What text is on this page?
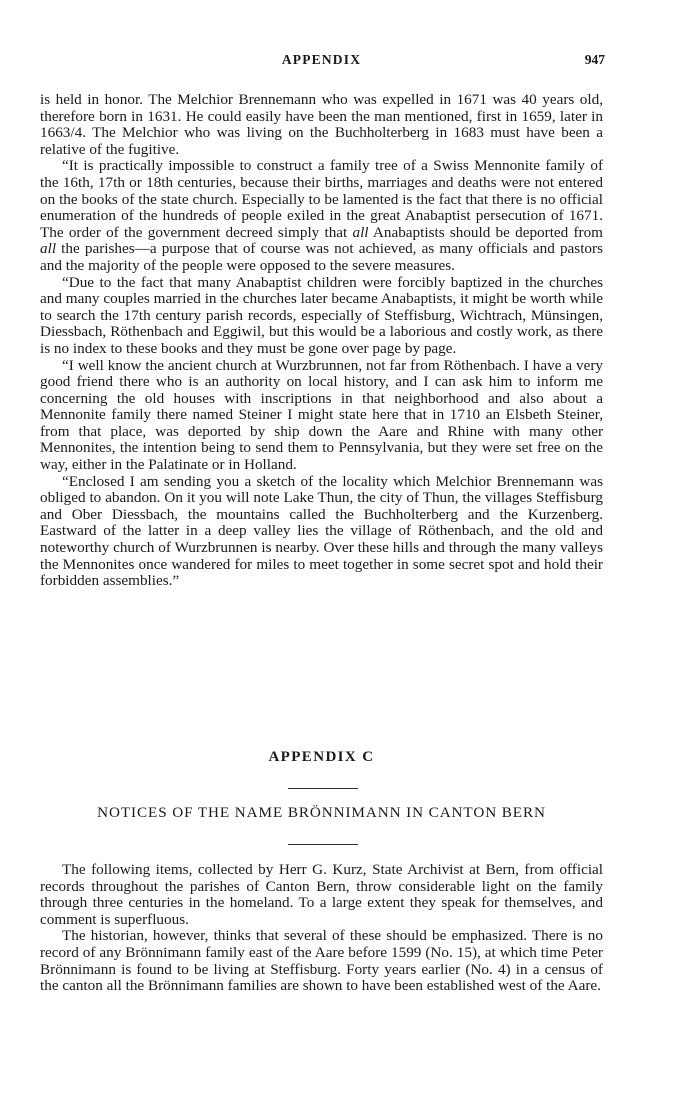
APPENDIX	947

is held in honor. The Melchior Brennemann who was expelled in 1671 was 40 years old, therefore born in 1631. He could easily have been the man mentioned, first in 1659, later in 1663/4. The Melchior who was living on the Buchholterberg in 1683 must have been a relative of the fugitive.

“It is practically impossible to construct a family tree of a Swiss Mennonite family of the 16th, 17th or 18th centuries, because their births, marriages and deaths were not entered on the books of the state church. Especially to be lamented is the fact that there is no official enumeration of the hundreds of people exiled in the great Anabaptist persecution of 1671. The order of the government decreed simply that all Anabaptists should be deported from all the parishes—a purpose that of course was not achieved, as many officials and pastors and the majority of the people were opposed to the severe measures.

“Due to the fact that many Anabaptist children were forcibly baptized in the churches and many couples married in the churches later became Anabaptists, it might be worth while to search the 17th century parish records, especially of Steffisburg, Wichtrach, Münsingen, Diessbach, Röthenbach and Eggiwil, but this would be a laborious and costly work, as there is no index to these books and they must be gone over page by page.

“I well know the ancient church at Wurzbrunnen, not far from Röthenbach. I have a very good friend there who is an authority on local history, and I can ask him to inform me concerning the old houses with inscriptions in that neighborhood and also about a Mennonite family there named Steiner I might state here that in 1710 an Elsbeth Steiner, from that place, was deported by ship down the Aare and Rhine with many other Mennonites, the intention being to send them to Pennsylvania, but they were set free on the way, either in the Palatinate or in Holland.

“Enclosed I am sending you a sketch of the locality which Melchior Brennemann was obliged to abandon. On it you will note Lake Thun, the city of Thun, the villages Steffisburg and Ober Diessbach, the mountains called the Buchholterberg and the Kurzenberg. Eastward of the latter in a deep valley lies the village of Röthenbach, and the old and noteworthy church of Wurzbrunnen is nearby. Over these hills and through the many valleys the Mennonites once wandered for miles to meet together in some secret spot and hold their forbidden assemblies.”

APPENDIX C
NOTICES OF THE NAME BRÖNNIMANN IN CANTON BERN

The following items, collected by Herr G. Kurz, State Archivist at Bern, from official records throughout the parishes of Canton Bern, throw considerable light on the family through three centuries in the homeland. To a large extent they speak for themselves, and comment is superfluous.

The historian, however, thinks that several of these should be emphasized. There is no record of any Brönnimann family east of the Aare before 1599 (No. 15), at which time Peter Brönnimann is found to be living at Steffisburg. Forty years earlier (No. 4) in a census of the canton all the Brönnimann families are shown to have been established west of the Aare.
